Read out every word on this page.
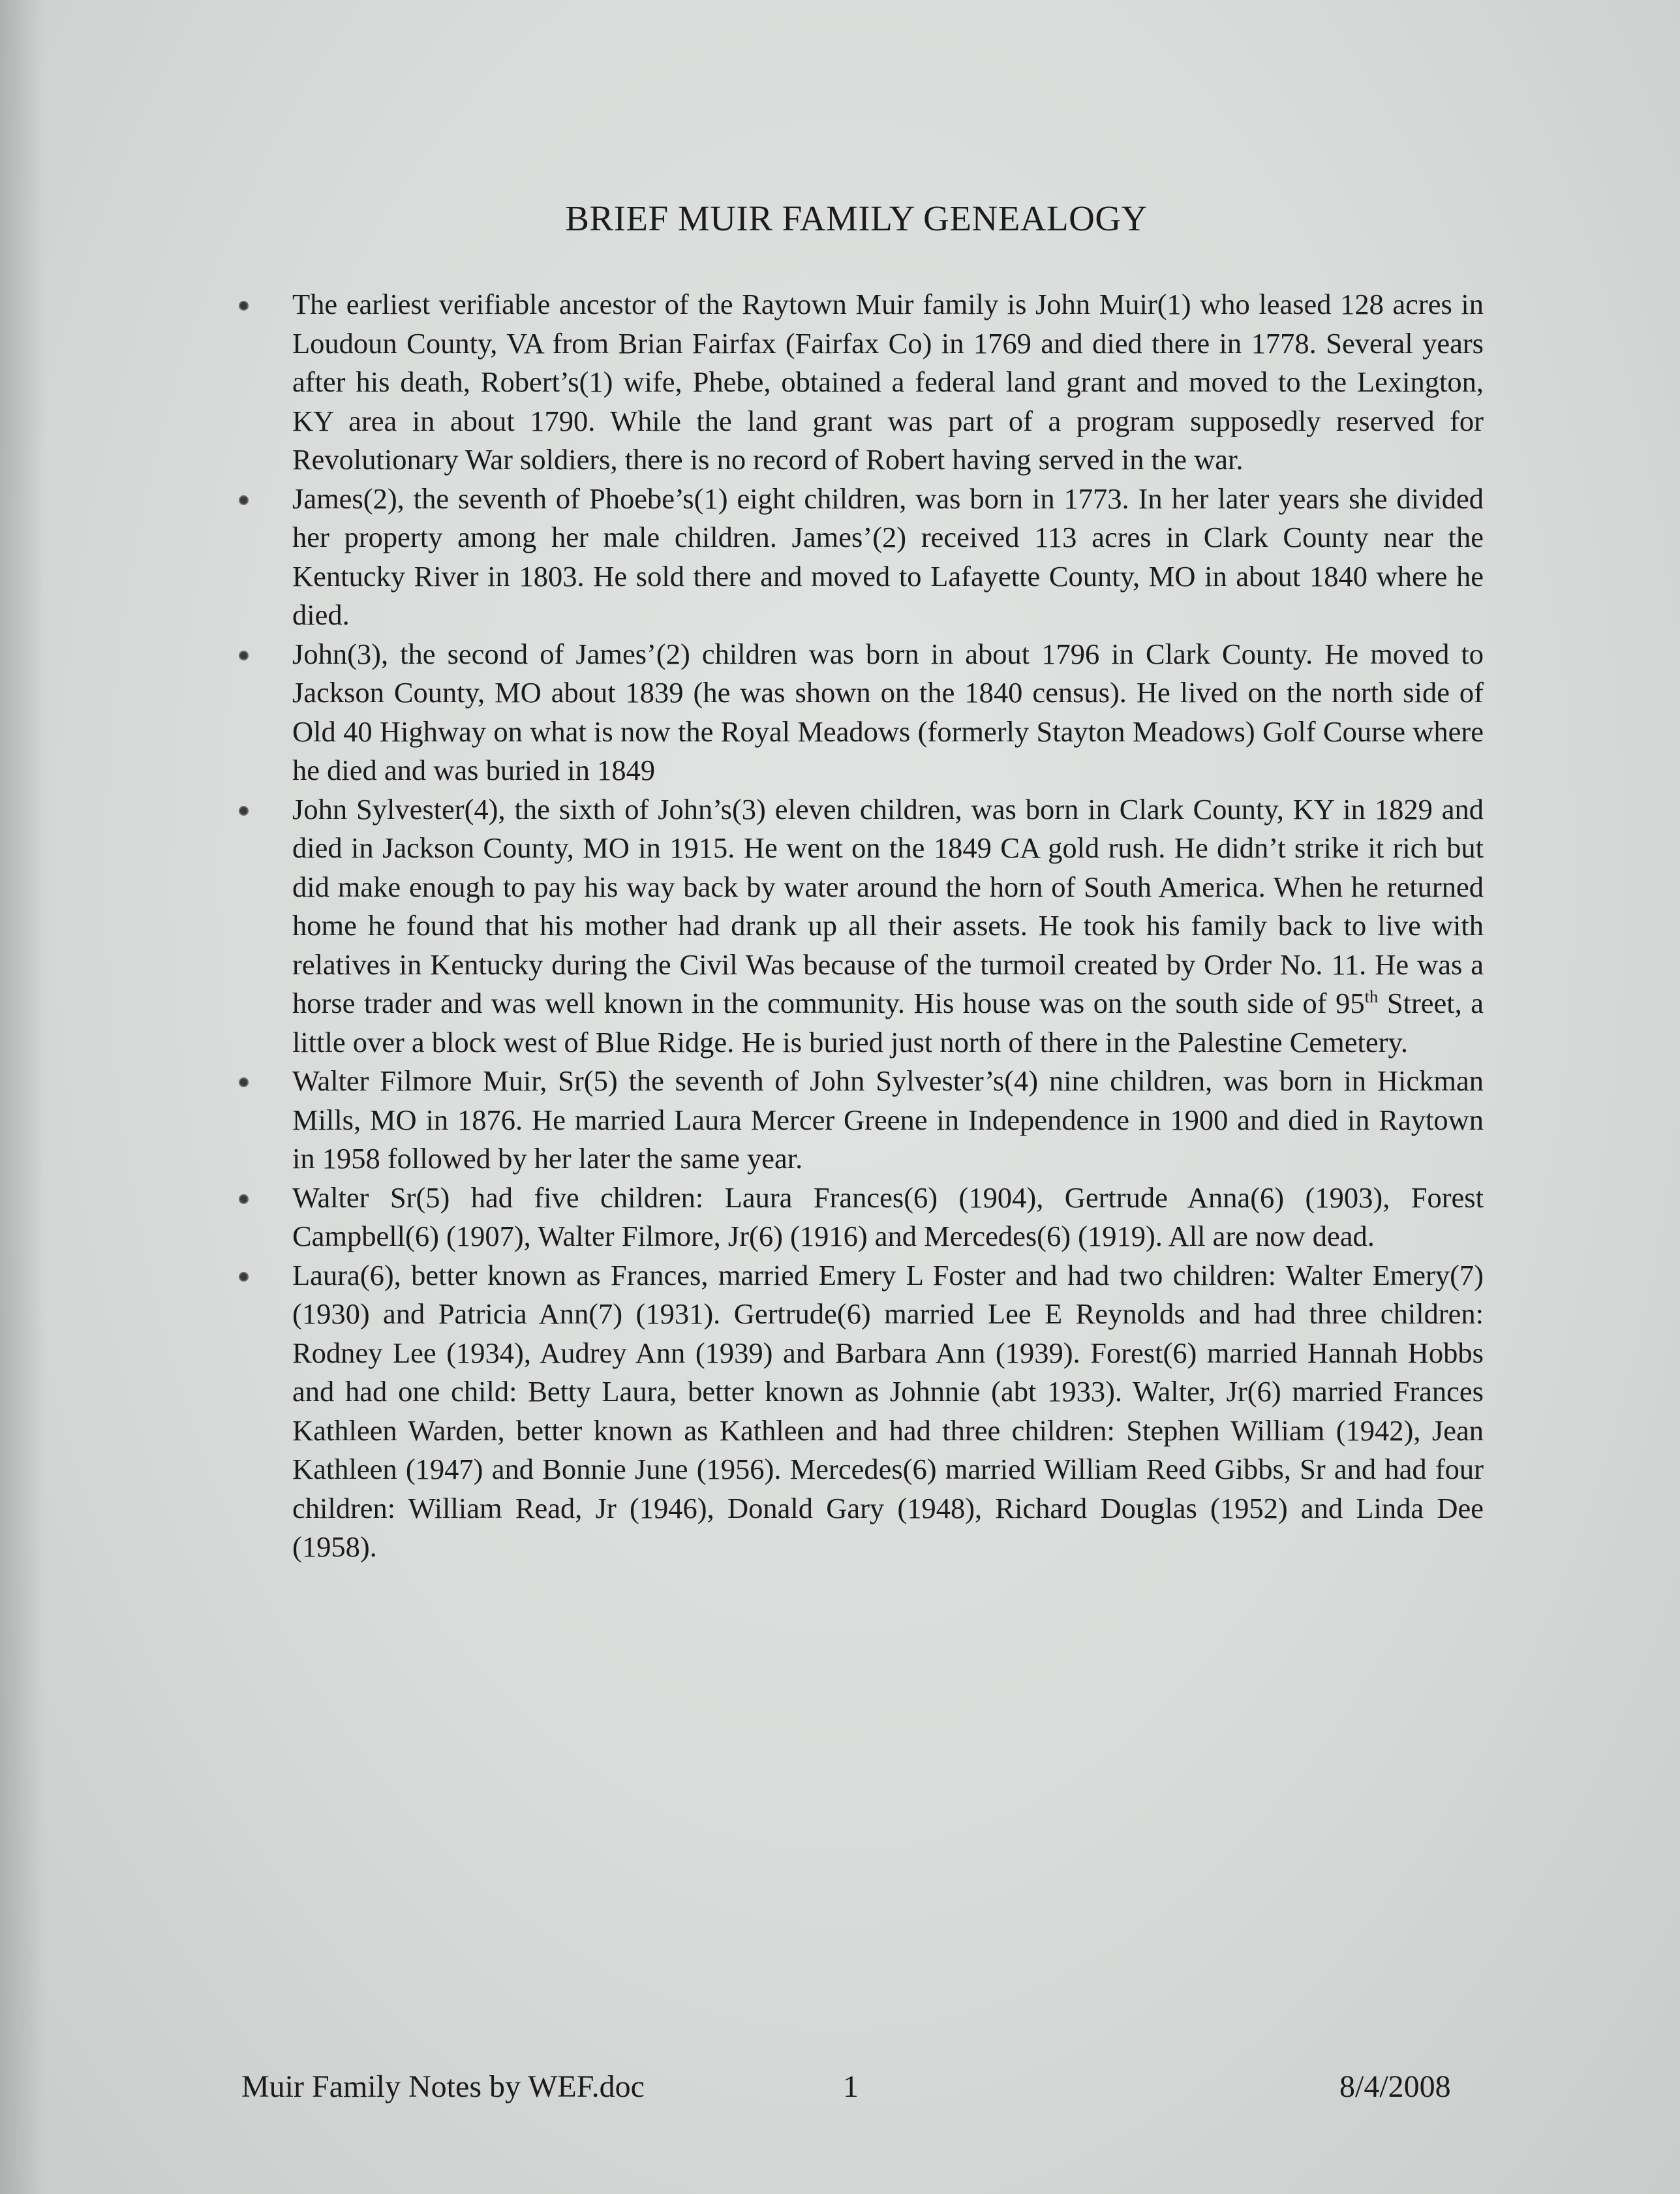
BRIEF MUIR FAMILY GENEALOGY
The earliest verifiable ancestor of the Raytown Muir family is John Muir(1) who leased 128 acres in Loudoun County, VA from Brian Fairfax (Fairfax Co) in 1769 and died there in 1778. Several years after his death, Robert’s(1) wife, Phebe, obtained a federal land grant and moved to the Lexington, KY area in about 1790. While the land grant was part of a program supposedly reserved for Revolutionary War soldiers, there is no record of Robert having served in the war.
James(2), the seventh of Phoebe’s(1) eight children, was born in 1773. In her later years she divided her property among her male children. James’(2) received 113 acres in Clark County near the Kentucky River in 1803. He sold there and moved to Lafayette County, MO in about 1840 where he died.
John(3), the second of James’(2) children was born in about 1796 in Clark County. He moved to Jackson County, MO about 1839 (he was shown on the 1840 census). He lived on the north side of Old 40 Highway on what is now the Royal Meadows (formerly Stayton Meadows) Golf Course where he died and was buried in 1849
John Sylvester(4), the sixth of John’s(3) eleven children, was born in Clark County, KY in 1829 and died in Jackson County, MO in 1915. He went on the 1849 CA gold rush. He didn’t strike it rich but did make enough to pay his way back by water around the horn of South America. When he returned home he found that his mother had drank up all their assets. He took his family back to live with relatives in Kentucky during the Civil Was because of the turmoil created by Order No. 11. He was a horse trader and was well known in the community. His house was on the south side of 95th Street, a little over a block west of Blue Ridge. He is buried just north of there in the Palestine Cemetery.
Walter Filmore Muir, Sr(5) the seventh of John Sylvester’s(4) nine children, was born in Hickman Mills, MO in 1876. He married Laura Mercer Greene in Independence in 1900 and died in Raytown in 1958 followed by her later the same year.
Walter Sr(5) had five children: Laura Frances(6) (1904), Gertrude Anna(6) (1903), Forest Campbell(6) (1907), Walter Filmore, Jr(6) (1916) and Mercedes(6) (1919). All are now dead.
Laura(6), better known as Frances, married Emery L Foster and had two children: Walter Emery(7) (1930) and Patricia Ann(7) (1931). Gertrude(6) married Lee E Reynolds and had three children: Rodney Lee (1934), Audrey Ann (1939) and Barbara Ann (1939). Forest(6) married Hannah Hobbs and had one child: Betty Laura, better known as Johnnie (abt 1933). Walter, Jr(6) married Frances Kathleen Warden, better known as Kathleen and had three children: Stephen William (1942), Jean Kathleen (1947) and Bonnie June (1956). Mercedes(6) married William Reed Gibbs, Sr and had four children: William Read, Jr (1946), Donald Gary (1948), Richard Douglas (1952) and Linda Dee (1958).
Muir Family Notes by WEF.doc	1	8/4/2008
